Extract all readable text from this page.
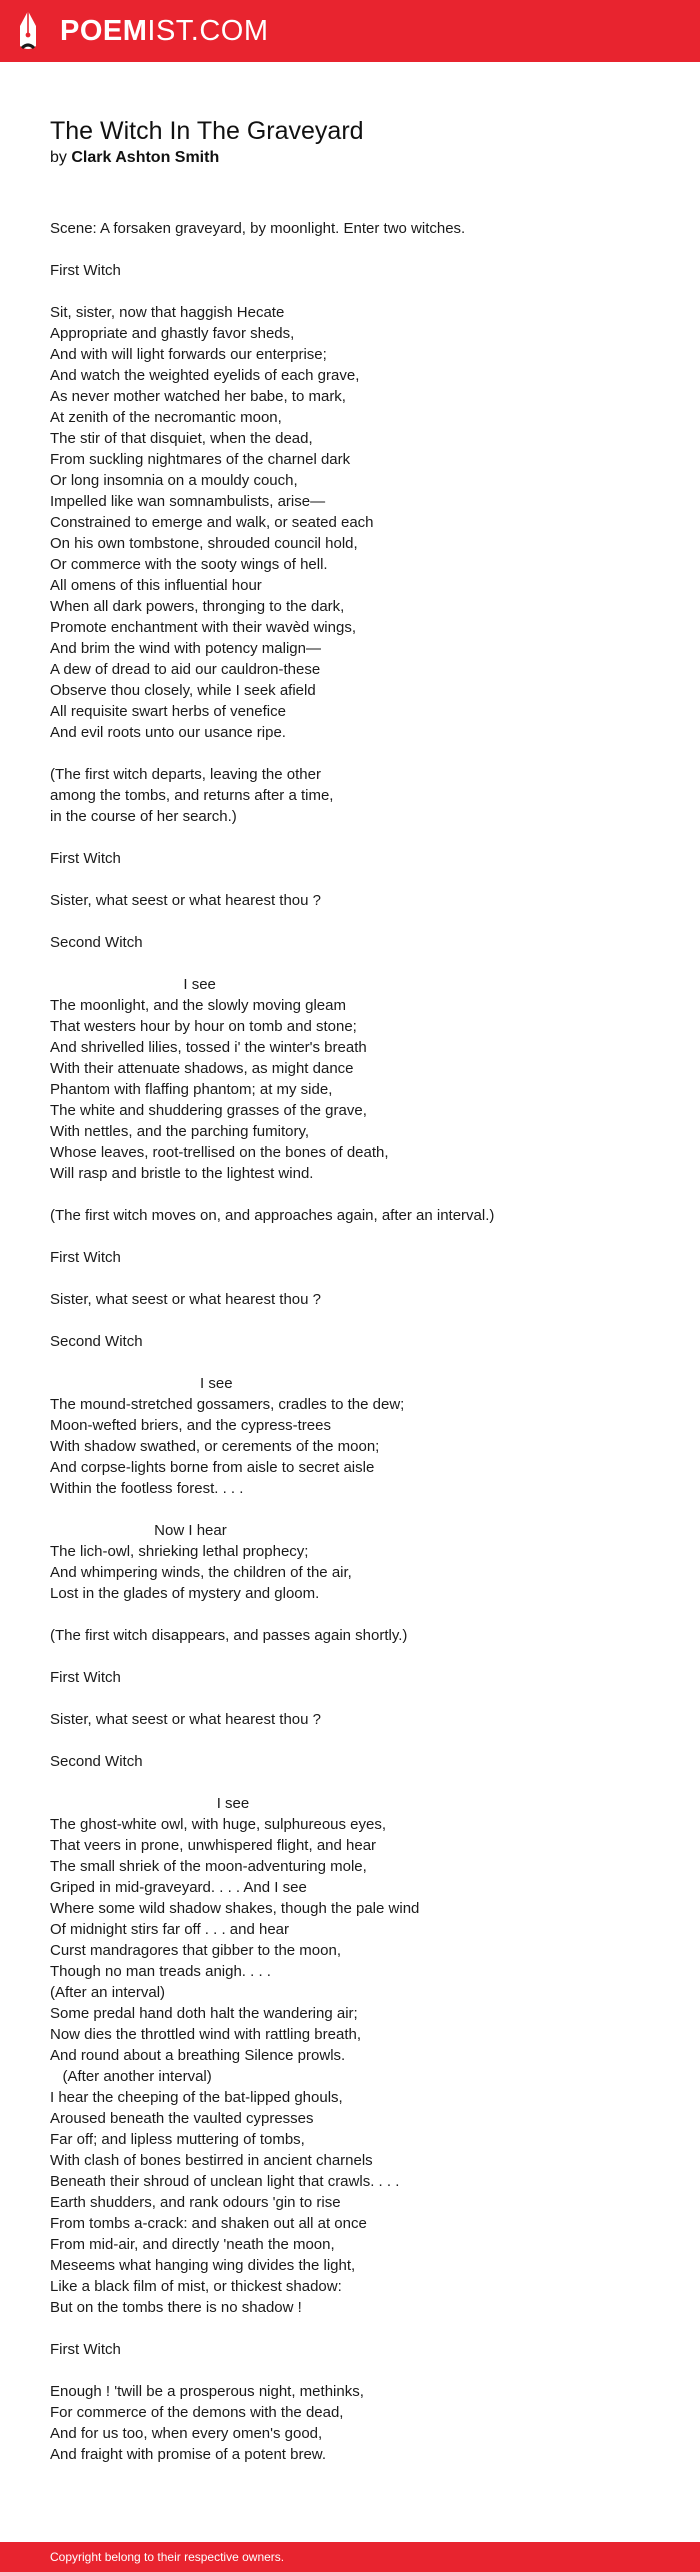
POEMIST.COM
The Witch In The Graveyard
by Clark Ashton Smith
Scene: A forsaken graveyard, by moonlight. Enter two witches.
First Witch
Sit, sister, now that haggish Hecate
Appropriate and ghastly favor sheds,
And with will light forwards our enterprise;
And watch the weighted eyelids of each grave,
As never mother watched her babe, to mark,
At zenith of the necromantic moon,
The stir of that disquiet, when the dead,
From suckling nightmares of the charnel dark
Or long insomnia on a mouldy couch,
Impelled like wan somnambulists, arise—
Constrained to emerge and walk, or seated each
On his own tombstone, shrouded council hold,
Or commerce with the sooty wings of hell.
All omens of this influential hour
When all dark powers, thronging to the dark,
Promote enchantment with their wavèd wings,
And brim the wind with potency malign—
A dew of dread to aid our cauldron-these
Observe thou closely, while I seek afield
All requisite swart herbs of venefice
And evil roots unto our usance ripe.
(The first witch departs, leaving the other
among the tombs, and returns after a time,
in the course of her search.)
First Witch
Sister, what seest or what hearest thou ?
Second Witch
I see
The moonlight, and the slowly moving gleam
That westers hour by hour on tomb and stone;
And shrivelled lilies, tossed i' the winter's breath
With their attenuate shadows, as might dance
Phantom with flaffing phantom; at my side,
The white and shuddering grasses of the grave,
With nettles, and the parching fumitory,
Whose leaves, root-trellised on the bones of death,
Will rasp and bristle to the lightest wind.
(The first witch moves on, and approaches again, after an interval.)
First Witch
Sister, what seest or what hearest thou ?
Second Witch
I see
The mound-stretched gossamers, cradles to the dew;
Moon-wefted briers, and the cypress-trees
With shadow swathed, or cerements of the moon;
And corpse-lights borne from aisle to secret aisle
Within the footless forest. . . .
Now I hear
The lich-owl, shrieking lethal prophecy;
And whimpering winds, the children of the air,
Lost in the glades of mystery and gloom.
(The first witch disappears, and passes again shortly.)
First Witch
Sister, what seest or what hearest thou ?
Second Witch
I see
The ghost-white owl, with huge, sulphureous eyes,
That veers in prone, unwhispered flight, and hear
The small shriek of the moon-adventuring mole,
Griped in mid-graveyard. . . . And I see
Where some wild shadow shakes, though the pale wind
Of midnight stirs far off . . . and hear
Curst mandragores that gibber to the moon,
Though no man treads anigh. . . .
(After an interval)
Some predal hand doth halt the wandering air;
Now dies the throttled wind with rattling breath,
And round about a breathing Silence prowls.
(After another interval)
I hear the cheeping of the bat-lipped ghouls,
Aroused beneath the vaulted cypresses
Far off; and lipless muttering of tombs,
With clash of bones bestirred in ancient charnels
Beneath their shroud of unclean light that crawls. . . .
Earth shudders, and rank odours 'gin to rise
From tombs a-crack: and shaken out all at once
From mid-air, and directly 'neath the moon,
Meseems what hanging wing divides the light,
Like a black film of mist, or thickest shadow:
But on the tombs there is no shadow !
First Witch
Enough ! 'twill be a prosperous night, methinks,
For commerce of the demons with the dead,
And for us too, when every omen's good,
And fraight with promise of a potent brew.
Copyright belong to their respective owners.
